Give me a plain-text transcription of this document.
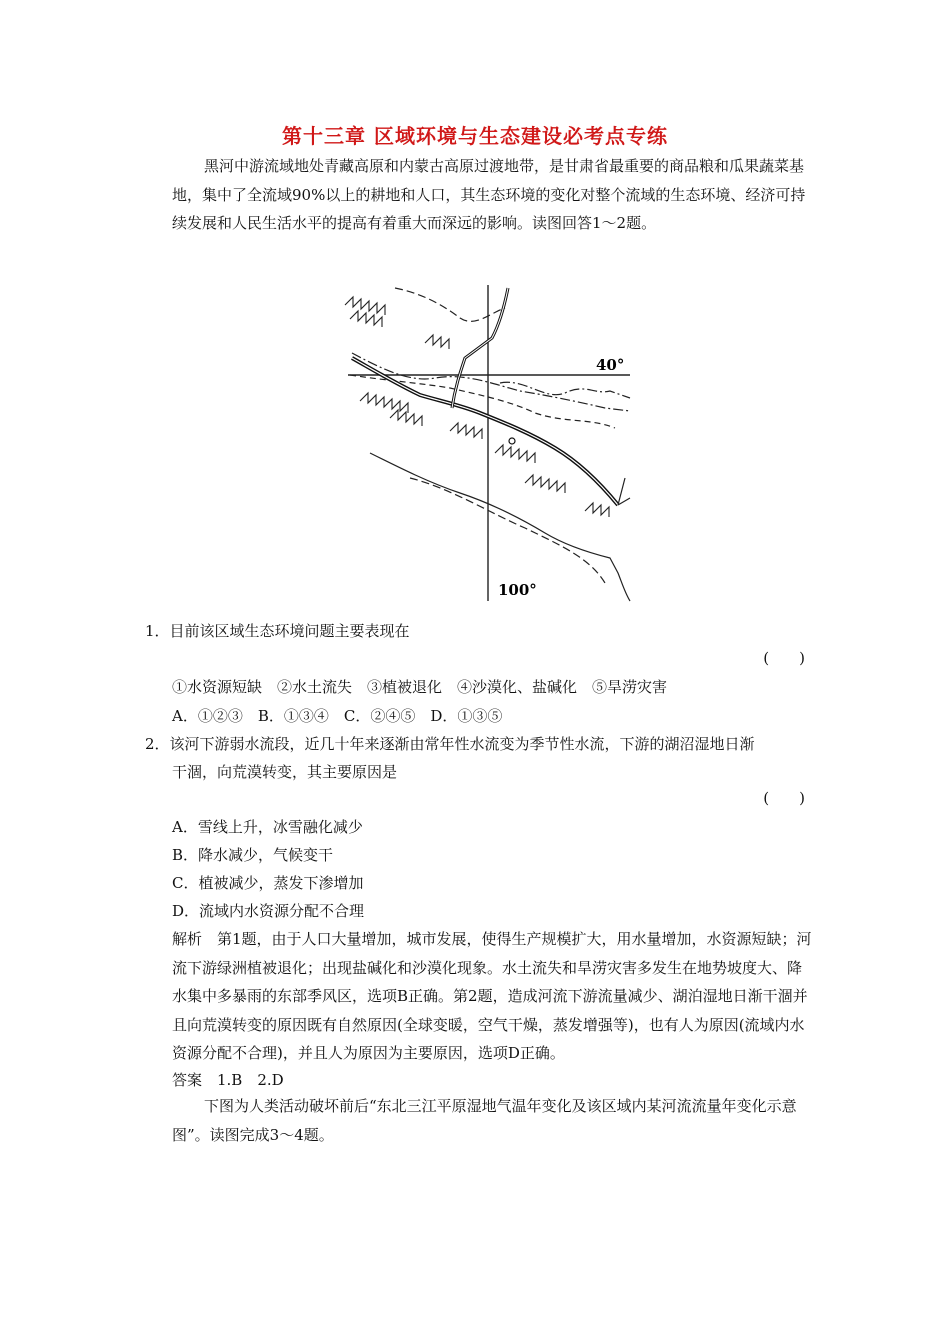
第十三章 区域环境与生态建设必考点专练

黑河中游流域地处青藏高原和内蒙古高原过渡地带，是甘肃省最重要的商品粮和瓜果蔬菜基地，集中了全流域90%以上的耕地和人口，其生态环境的变化对整个流域的生态环境、经济可持续发展和人民生活水平的提高有着重大而深远的影响。读图回答1～2题。

40°
100°
1．目前该区域生态环境问题主要表现在
(　　)
①水资源短缺　②水土流失　③植被退化　④沙漠化、盐碱化　⑤旱涝灾害
A．①②③　B．①③④　C．②④⑤　D．①③⑤
2．该河下游弱水流段，近几十年来逐渐由常年性水流变为季节性水流，下游的湖沼湿地日渐
干涸，向荒漠转变，其主要原因是
(　　)
A．雪线上升，冰雪融化减少
B．降水减少，气候变干
C．植被减少，蒸发下渗增加
D．流域内水资源分配不合理

解析　第1题，由于人口大量增加，城市发展，使得生产规模扩大，用水量增加，水资源短缺；河流下游绿洲植被退化；出现盐碱化和沙漠化现象。水土流失和旱涝灾害多发生在地势坡度大、降水集中多暴雨的东部季风区，选项B正确。第2题，造成河流下游流量减少、湖泊湿地日渐干涸并且向荒漠转变的原因既有自然原因(全球变暖，空气干燥，蒸发增强等)，也有人为原因(流域内水资源分配不合理)，并且人为原因为主要原因，选项D正确。

答案　1.B　2.D

下图为人类活动破坏前后“东北三江平原湿地气温年变化及该区域内某河流流量年变化示意图”。读图完成3～4题。
